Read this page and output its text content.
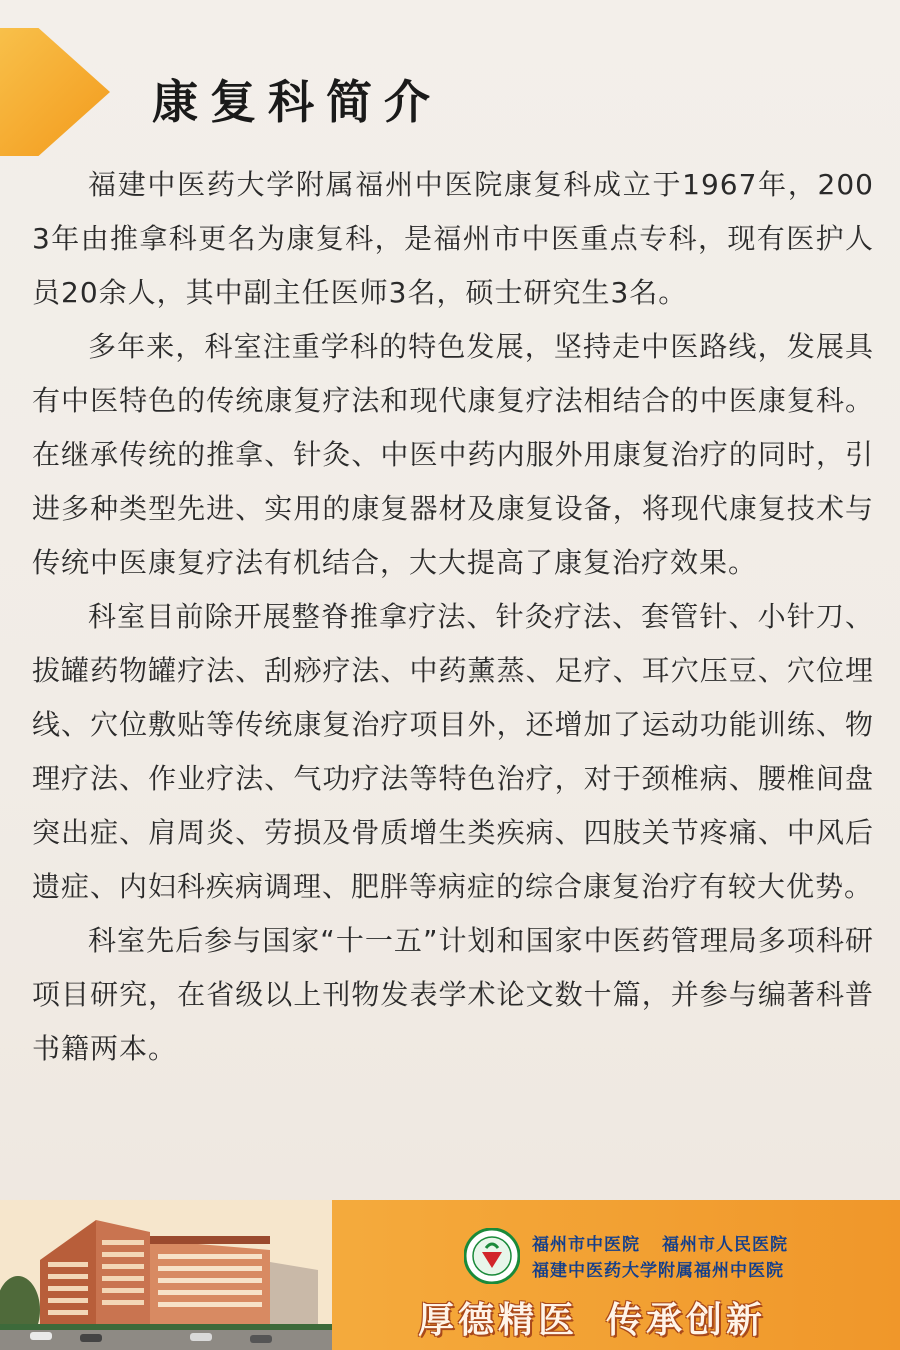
康复科简介

福建中医药大学附属福州中医院康复科成立于1967年，2003年由推拿科更名为康复科，是福州市中医重点专科，现有医护人员20余人，其中副主任医师3名，硕士研究生3名。

多年来，科室注重学科的特色发展，坚持走中医路线，发展具有中医特色的传统康复疗法和现代康复疗法相结合的中医康复科。在继承传统的推拿、针灸、中医中药内服外用康复治疗的同时，引进多种类型先进、实用的康复器材及康复设备，将现代康复技术与传统中医康复疗法有机结合，大大提高了康复治疗效果。

科室目前除开展整脊推拿疗法、针灸疗法、套管针、小针刀、拔罐药物罐疗法、刮痧疗法、中药薰蒸、足疗、耳穴压豆、穴位埋线、穴位敷贴等传统康复治疗项目外，还增加了运动功能训练、物理疗法、作业疗法、气功疗法等特色治疗，对于颈椎病、腰椎间盘突出症、肩周炎、劳损及骨质增生类疾病、四肢关节疼痛、中风后遗症、内妇科疾病调理、肥胖等病症的综合康复治疗有较大优势。

科室先后参与国家“十一五”计划和国家中医药管理局多项科研项目研究，在省级以上刊物发表学术论文数十篇，并参与编著科普书籍两本。

福州市中医院 福州市人民医院
福建中医药大学附属福州中医院
厚德精医 传承创新
